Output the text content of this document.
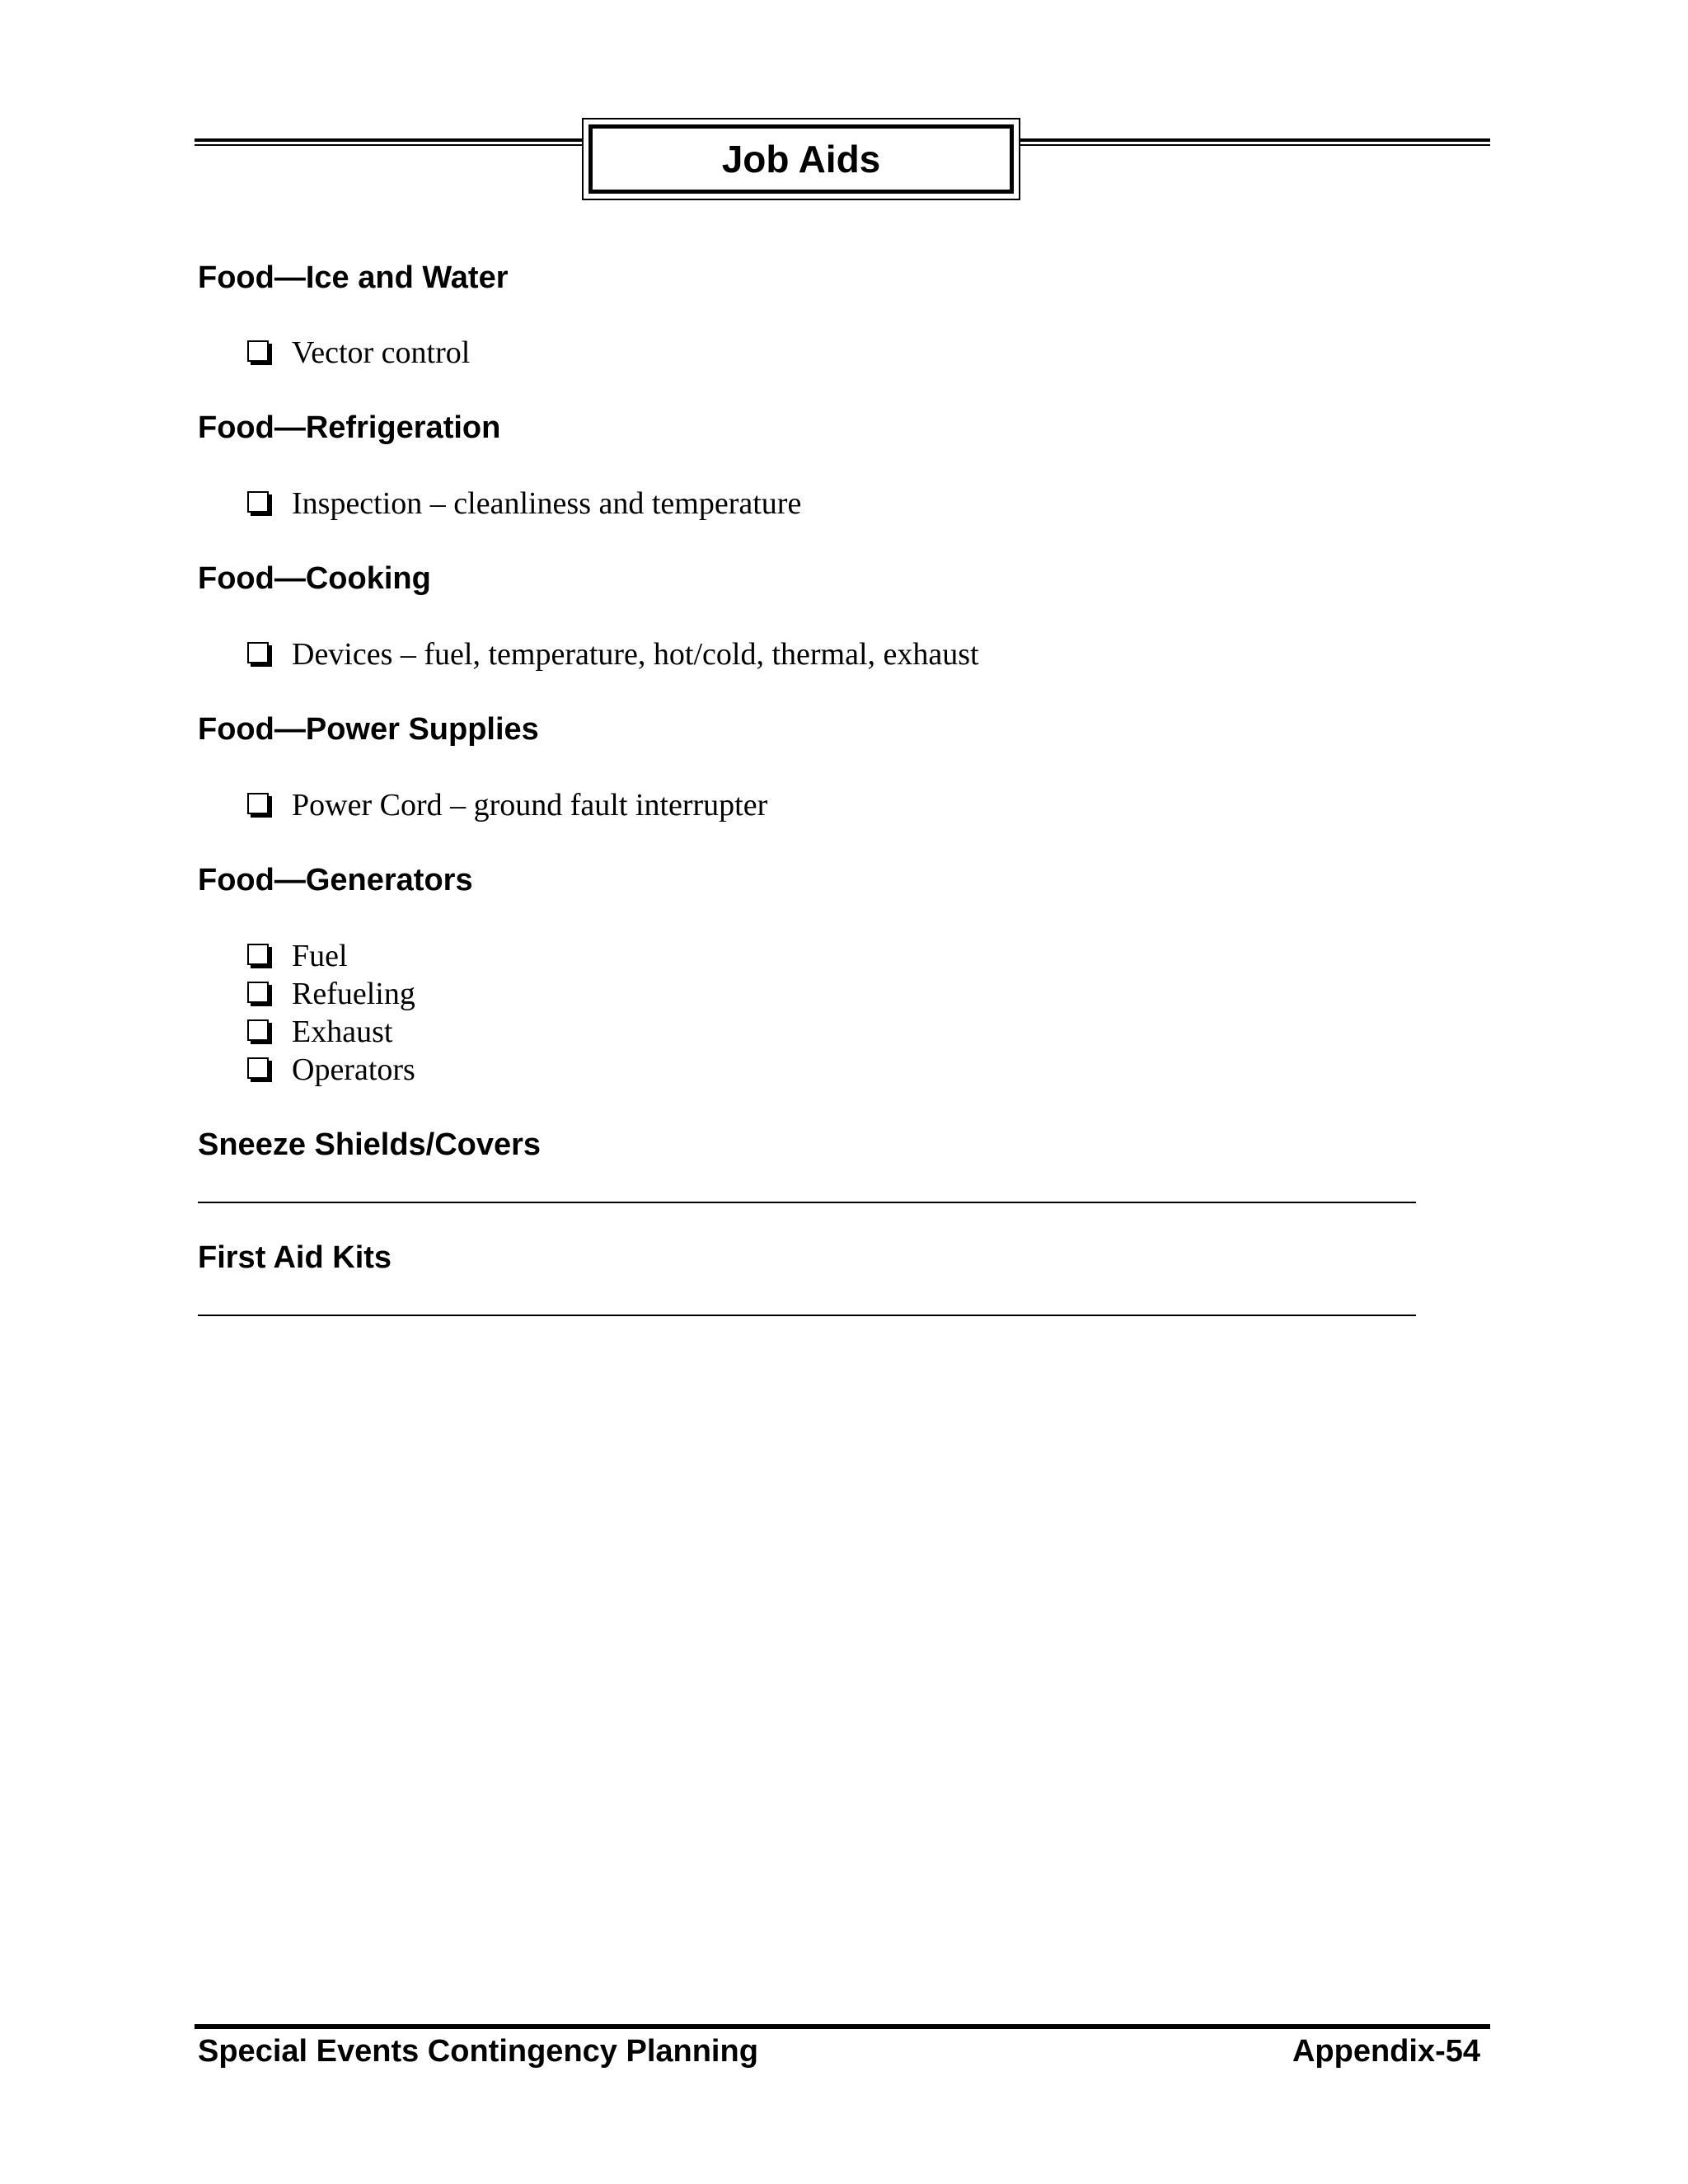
Job Aids
Food—Ice and Water
Vector control
Food—Refrigeration
Inspection – cleanliness and temperature
Food—Cooking
Devices – fuel, temperature, hot/cold, thermal, exhaust
Food—Power Supplies
Power Cord – ground fault interrupter
Food—Generators
Fuel
Refueling
Exhaust
Operators
Sneeze Shields/Covers
First Aid Kits
Special Events Contingency Planning	Appendix-54
